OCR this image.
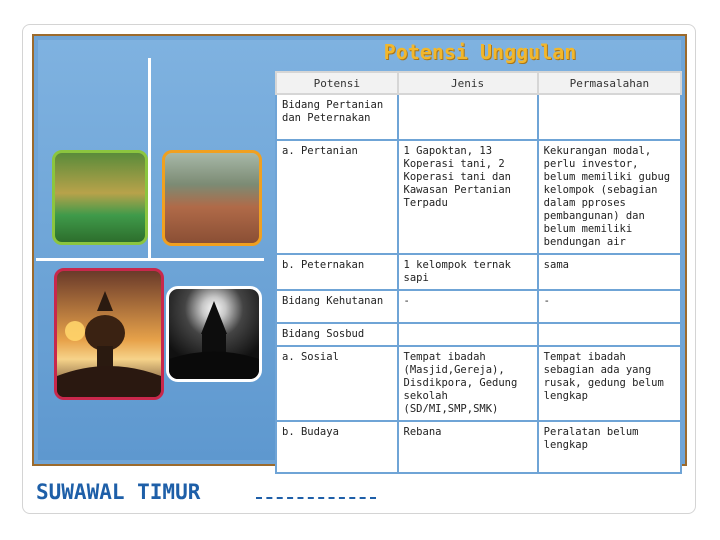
Potensi Unggulan
Potensi	Jenis	Permasalahan
Bidang Pertanian dan Peternakan		
a. Pertanian	1 Gapoktan, 13 Koperasi tani, 2 Koperasi tani dan Kawasan Pertanian Terpadu	Kekurangan modal, perlu investor, belum memiliki gubug kelompok (sebagian dalam pproses pembangunan) dan belum memiliki bendungan air
b. Peternakan	1 kelompok ternak sapi	sama
Bidang Kehutanan	-	-
Bidang Sosbud		
a. Sosial	Tempat ibadah (Masjid,Gereja), Disdikpora, Gedung sekolah (SD/MI,SMP,SMK)	Tempat ibadah sebagian ada yang rusak, gedung belum lengkap
b. Budaya	Rebana	Peralatan belum lengkap
SUWAWAL TIMUR
